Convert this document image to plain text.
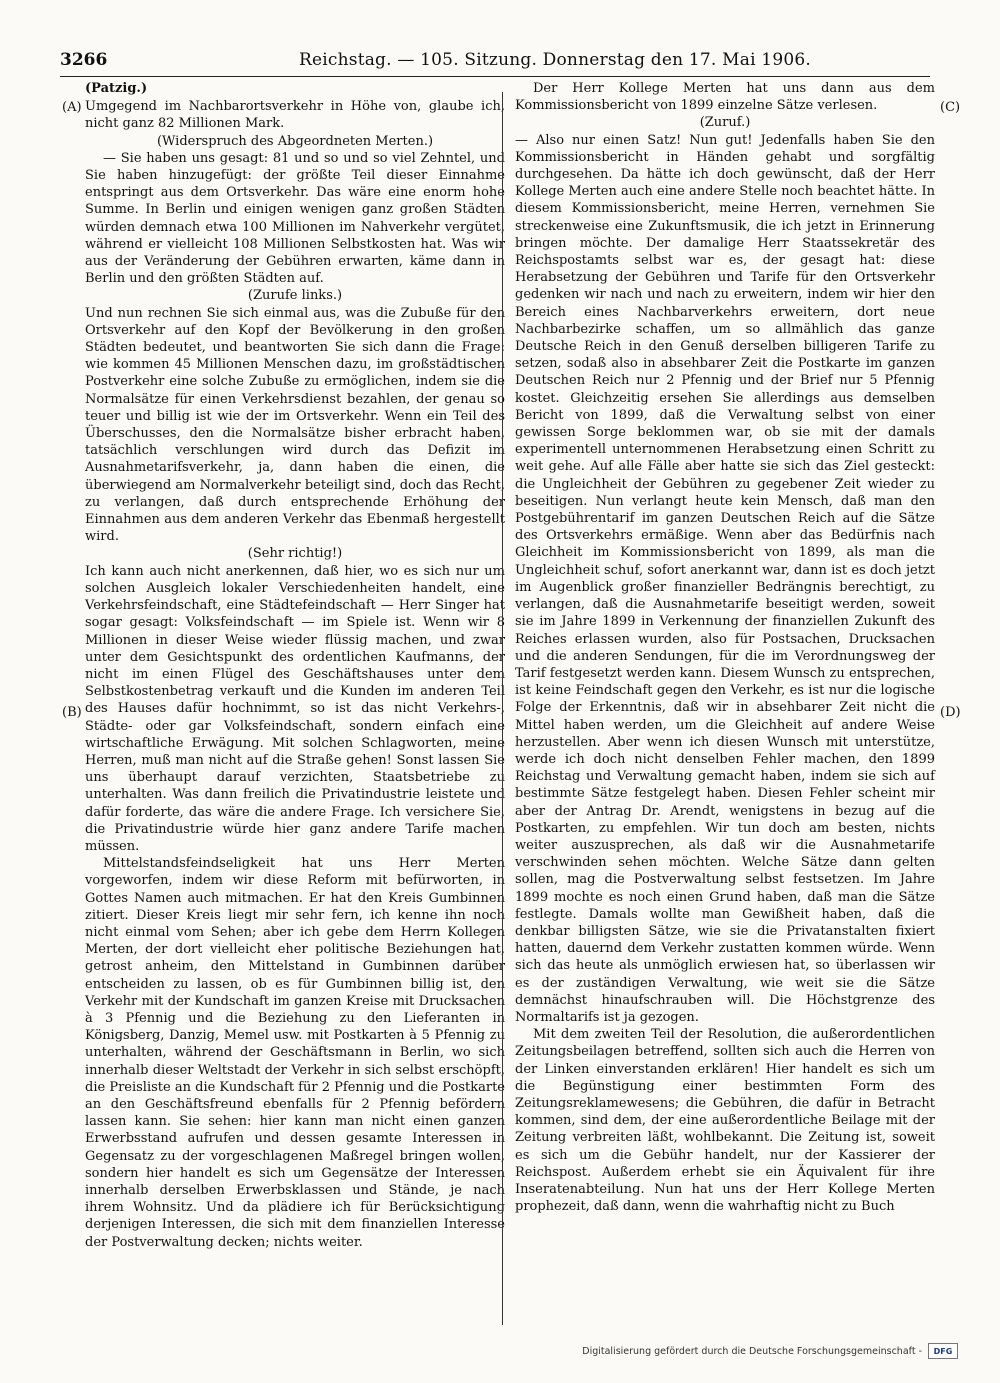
3266	Reichstag. — 105. Sitzung. Donnerstag den 17. Mai 1906.
(A)
(B)
(C)
(D)

(Patzig.)

Umgegend im Nachbarortsverkehr in Höhe von, glaube ich, nicht ganz 82 Millionen Mark.

(Widerspruch des Abgeordneten Merten.)

— Sie haben uns gesagt: 81 und so und so viel Zehntel, und Sie haben hinzugefügt: der größte Teil dieser Einnahme entspringt aus dem Ortsverkehr. Das wäre eine enorm hohe Summe. In Berlin und einigen wenigen ganz großen Städten würden demnach etwa 100 Millionen im Nahverkehr vergütet, während er vielleicht 108 Millionen Selbstkosten hat. Was wir aus der Veränderung der Gebühren erwarten, käme dann in Berlin und den größten Städten auf.

(Zurufe links.)

Und nun rechnen Sie sich einmal aus, was die Zubuße für den Ortsverkehr auf den Kopf der Bevölkerung in den großen Städten bedeutet, und beantworten Sie sich dann die Frage: wie kommen 45 Millionen Menschen dazu, im großstädtischen Postverkehr eine solche Zubuße zu ermöglichen, indem sie die Normalsätze für einen Verkehrsdienst bezahlen, der genau so teuer und billig ist wie der im Ortsverkehr. Wenn ein Teil des Überschusses, den die Normalsätze bisher erbracht haben, tatsächlich verschlungen wird durch das Defizit im Ausnahmetarifsverkehr, ja, dann haben die einen, die überwiegend am Normalverkehr beteiligt sind, doch das Recht, zu verlangen, daß durch entsprechende Erhöhung der Einnahmen aus dem anderen Verkehr das Ebenmaß hergestellt wird.

(Sehr richtig!)

Ich kann auch nicht anerkennen, daß hier, wo es sich nur um solchen Ausgleich lokaler Verschiedenheiten handelt, eine Verkehrsfeindschaft, eine Städtefeindschaft — Herr Singer hat sogar gesagt: Volksfeindschaft — im Spiele ist. Wenn wir 8 Millionen in dieser Weise wieder flüssig machen, und zwar unter dem Gesichtspunkt des ordentlichen Kaufmanns, der nicht im einen Flügel des Geschäftshauses unter dem Selbstkostenbetrag verkauft und die Kunden im anderen Teil des Hauses dafür hochnimmt, so ist das nicht Verkehrs-, Städte- oder gar Volksfeindschaft, sondern einfach eine wirtschaftliche Erwägung. Mit solchen Schlagworten, meine Herren, muß man nicht auf die Straße gehen! Sonst lassen Sie uns überhaupt darauf verzichten, Staatsbetriebe zu unterhalten. Was dann freilich die Privatindustrie leistete und dafür forderte, das wäre die andere Frage. Ich versichere Sie, die Privatindustrie würde hier ganz andere Tarife machen müssen.

Mittelstandsfeindseligkeit hat uns Herr Merten vorgeworfen, indem wir diese Reform mit befürworten, in Gottes Namen auch mitmachen. Er hat den Kreis Gumbinnen zitiert. Dieser Kreis liegt mir sehr fern, ich kenne ihn noch nicht einmal vom Sehen; aber ich gebe dem Herrn Kollegen Merten, der dort vielleicht eher politische Beziehungen hat, getrost anheim, den Mittelstand in Gumbinnen darüber entscheiden zu lassen, ob es für Gumbinnen billig ist, den Verkehr mit der Kundschaft im ganzen Kreise mit Drucksachen à 3 Pfennig und die Beziehung zu den Lieferanten in Königsberg, Danzig, Memel usw. mit Postkarten à 5 Pfennig zu unterhalten, während der Geschäftsmann in Berlin, wo sich innerhalb dieser Weltstadt der Verkehr in sich selbst erschöpft, die Preisliste an die Kundschaft für 2 Pfennig und die Postkarte an den Geschäftsfreund ebenfalls für 2 Pfennig befördern lassen kann. Sie sehen: hier kann man nicht einen ganzen Erwerbsstand aufrufen und dessen gesamte Interessen in Gegensatz zu der vorgeschlagenen Maßregel bringen wollen, sondern hier handelt es sich um Gegensätze der Interessen innerhalb derselben Erwerbsklassen und Stände, je nach ihrem Wohnsitz. Und da plädiere ich für Berücksichtigung derjenigen Interessen, die sich mit dem finanziellen Interesse der Postverwaltung decken; nichts weiter.

Der Herr Kollege Merten hat uns dann aus dem Kommissionsbericht von 1899 einzelne Sätze verlesen.

(Zuruf.)

— Also nur einen Satz! Nun gut! Jedenfalls haben Sie den Kommissionsbericht in Händen gehabt und sorgfältig durchgesehen. Da hätte ich doch gewünscht, daß der Herr Kollege Merten auch eine andere Stelle noch beachtet hätte. In diesem Kommissionsbericht, meine Herren, vernehmen Sie streckenweise eine Zukunftsmusik, die ich jetzt in Erinnerung bringen möchte. Der damalige Herr Staatssekretär des Reichspostamts selbst war es, der gesagt hat: diese Herabsetzung der Gebühren und Tarife für den Ortsverkehr gedenken wir nach und nach zu erweitern, indem wir hier den Bereich eines Nachbarverkehrs erweitern, dort neue Nachbarbezirke schaffen, um so allmählich das ganze Deutsche Reich in den Genuß derselben billigeren Tarife zu setzen, sodaß also in absehbarer Zeit die Postkarte im ganzen Deutschen Reich nur 2 Pfennig und der Brief nur 5 Pfennig kostet. Gleichzeitig ersehen Sie allerdings aus demselben Bericht von 1899, daß die Verwaltung selbst von einer gewissen Sorge beklommen war, ob sie mit der damals experimentell unternommenen Herabsetzung einen Schritt zu weit gehe. Auf alle Fälle aber hatte sie sich das Ziel gesteckt: die Ungleichheit der Gebühren zu gegebener Zeit wieder zu beseitigen. Nun verlangt heute kein Mensch, daß man den Postgebührentarif im ganzen Deutschen Reich auf die Sätze des Ortsverkehrs ermäßige. Wenn aber das Bedürfnis nach Gleichheit im Kommissionsbericht von 1899, als man die Ungleichheit schuf, sofort anerkannt war, dann ist es doch jetzt im Augenblick großer finanzieller Bedrängnis berechtigt, zu verlangen, daß die Ausnahmetarife beseitigt werden, soweit sie im Jahre 1899 in Verkennung der finanziellen Zukunft des Reiches erlassen wurden, also für Postsachen, Drucksachen und die anderen Sendungen, für die im Verordnungsweg der Tarif festgesetzt werden kann. Diesem Wunsch zu entsprechen, ist keine Feindschaft gegen den Verkehr, es ist nur die logische Folge der Erkenntnis, daß wir in absehbarer Zeit nicht die Mittel haben werden, um die Gleichheit auf andere Weise herzustellen. Aber wenn ich diesen Wunsch mit unterstütze, werde ich doch nicht denselben Fehler machen, den 1899 Reichstag und Verwaltung gemacht haben, indem sie sich auf bestimmte Sätze festgelegt haben. Diesen Fehler scheint mir aber der Antrag Dr. Arendt, wenigstens in bezug auf die Postkarten, zu empfehlen. Wir tun doch am besten, nichts weiter auszusprechen, als daß wir die Ausnahmetarife verschwinden sehen möchten. Welche Sätze dann gelten sollen, mag die Postverwaltung selbst festsetzen. Im Jahre 1899 mochte es noch einen Grund haben, daß man die Sätze festlegte. Damals wollte man Gewißheit haben, daß die denkbar billigsten Sätze, wie sie die Privatanstalten fixiert hatten, dauernd dem Verkehr zustatten kommen würde. Wenn sich das heute als unmöglich erwiesen hat, so überlassen wir es der zuständigen Verwaltung, wie weit sie die Sätze demnächst hinaufschrauben will. Die Höchstgrenze des Normaltarifs ist ja gezogen.

Mit dem zweiten Teil der Resolution, die außerordentlichen Zeitungsbeilagen betreffend, sollten sich auch die Herren von der Linken einverstanden erklären! Hier handelt es sich um die Begünstigung einer bestimmten Form des Zeitungsreklamewesens; die Gebühren, die dafür in Betracht kommen, sind dem, der eine außerordentliche Beilage mit der Zeitung verbreiten läßt, wohlbekannt. Die Zeitung ist, soweit es sich um die Gebühr handelt, nur der Kassierer der Reichspost. Außerdem erhebt sie ein Äquivalent für ihre Inseratenabteilung. Nun hat uns der Herr Kollege Merten prophezeit, daß dann, wenn die wahrhaftig nicht zu Buch

Digitalisierung gefördert durch die Deutsche Forschungsgemeinschaft -	DFG
